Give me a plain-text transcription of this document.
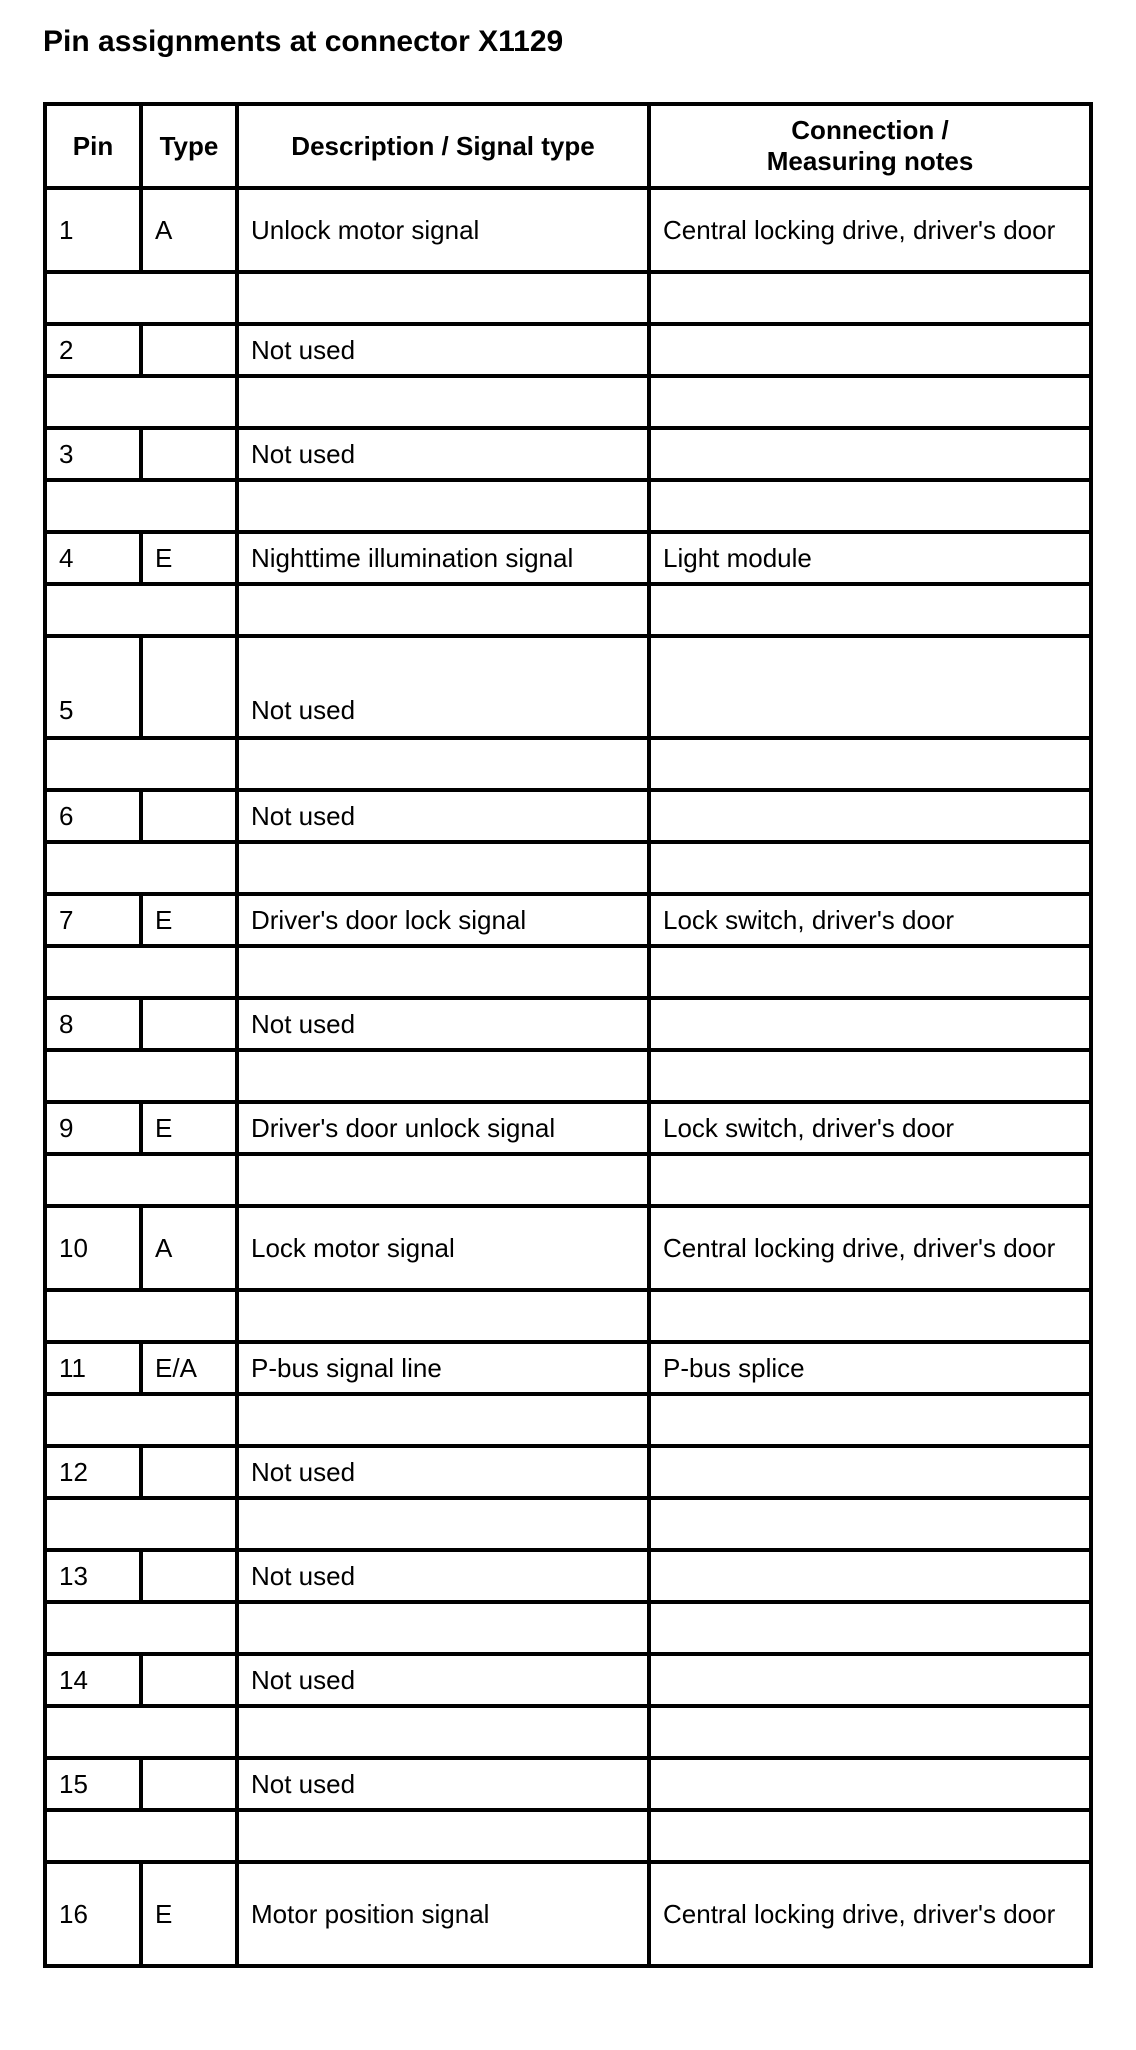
Pin assignments at connector X1129
Pin	Type	Description / Signal type	Connection /
Measuring notes

1	A	Unlock motor signal	Central locking drive, driver's door

2		Not used	

3		Not used	

4	E	Nighttime illumination signal	Light module

5		Not used	

6		Not used	

7	E	Driver's door lock signal	Lock switch, driver's door

8		Not used	

9	E	Driver's door unlock signal	Lock switch, driver's door

10	A	Lock motor signal	Central locking drive, driver's door

11	E/A	P-bus signal line	P-bus splice

12		Not used	

13		Not used	

14		Not used	

15		Not used	

16	E	Motor position signal	Central locking drive, driver's door
